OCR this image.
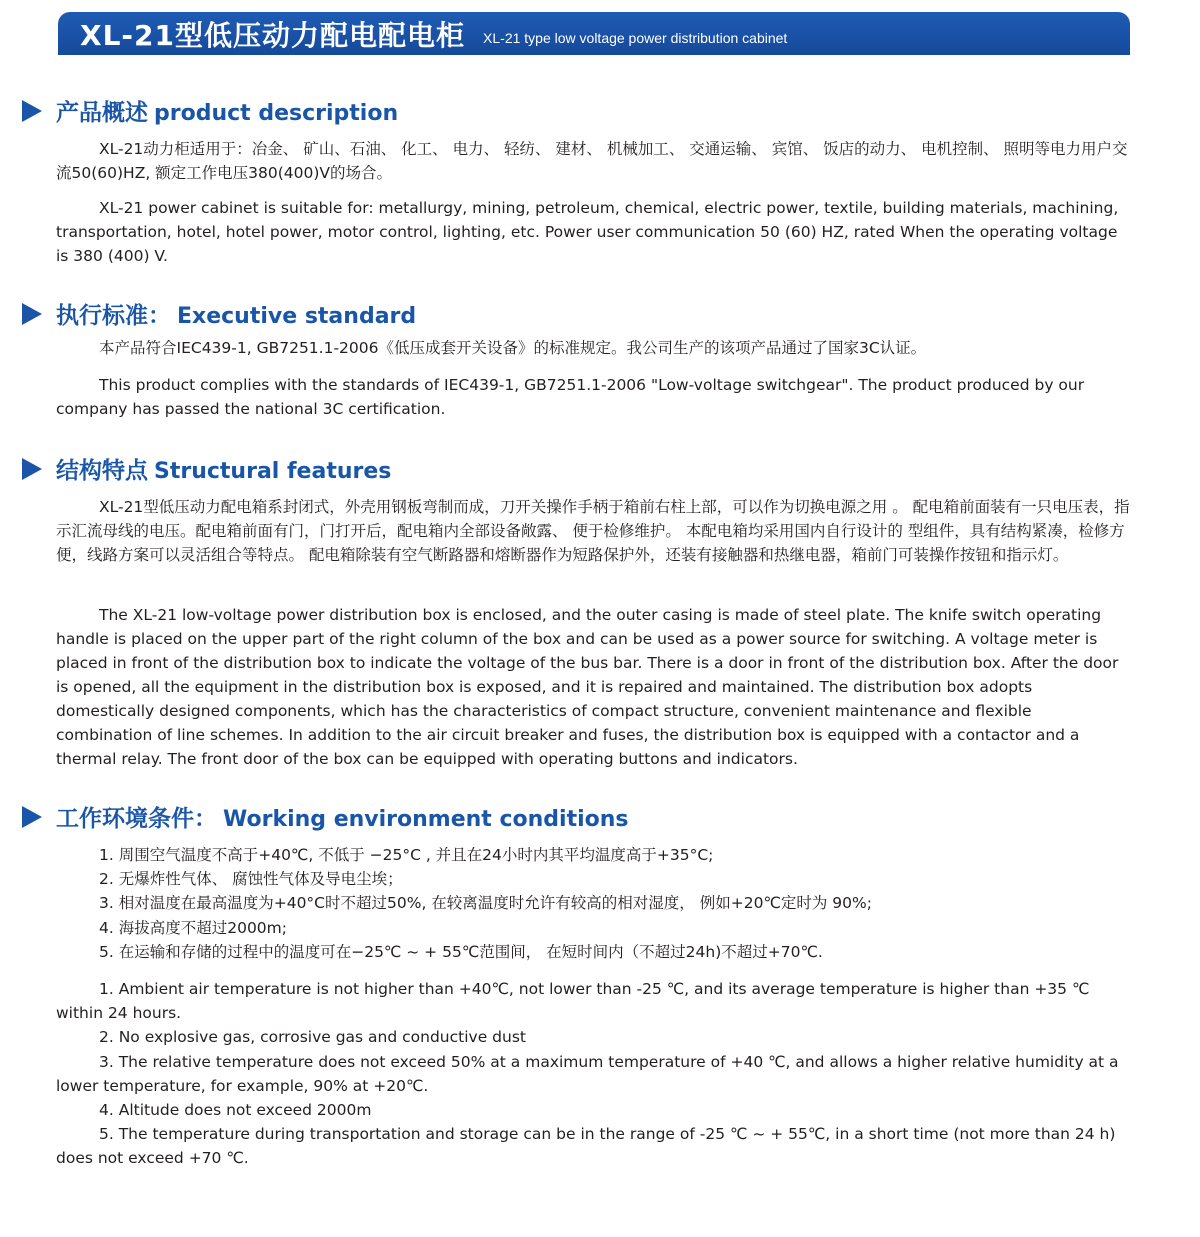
XL-21型低压动力配电配电柜 XL-21 type low voltage power distribution cabinet
产品概述 product description

XL-21动力柜适用于：冶金、 矿山、石油、 化工、 电力、 轻纺、 建材、 机械加工、 交通运输、 宾馆、 饭店的动力、 电机控制、 照明等电力用户交流50(60)HZ, 额定工作电压380(400)V的场合。

XL-21 power cabinet is suitable for: metallurgy, mining, petroleum, chemical, electric power, textile, building materials, machining, transportation, hotel, hotel power, motor control, lighting, etc. Power user communication 50 (60) HZ, rated When the operating voltage is 380 (400) V.

执行标准： Executive standard

本产品符合IEC439-1, GB7251.1-2006《低压成套开关设备》的标准规定。我公司生产的该项产品通过了国家3C认证。

This product complies with the standards of IEC439-1, GB7251.1-2006 "Low-voltage switchgear". The product produced by our company has passed the national 3C certification.

结构特点 Structural features

XL-21型低压动力配电箱系封闭式，外壳用钢板弯制而成，刀开关操作手柄于箱前右柱上部，可以作为切换电源之用 。 配电箱前面装有一只电压表，指示汇流母线的电压。配电箱前面有门，门打开后，配电箱内全部设备敞露、 便于检修维护。 本配电箱均采用国内自行设计的 型组件，具有结构紧凑，检修方便，线路方案可以灵活组合等特点。 配电箱除装有空气断路器和熔断器作为短路保护外，还装有接触器和热继电器，箱前门可装操作按钮和指示灯。

The XL-21 low-voltage power distribution box is enclosed, and the outer casing is made of steel plate. The knife switch operating handle is placed on the upper part of the right column of the box and can be used as a power source for switching. A voltage meter is placed in front of the distribution box to indicate the voltage of the bus bar. There is a door in front of the distribution box. After the door is opened, all the equipment in the distribution box is exposed, and it is repaired and maintained. The distribution box adopts domestically designed components, which has the characteristics of compact structure, convenient maintenance and flexible combination of line schemes. In addition to the air circuit breaker and fuses, the distribution box is equipped with a contactor and a thermal relay. The front door of the box can be equipped with operating buttons and indicators.

工作环境条件： Working environment conditions
1. 周围空气温度不高于+40℃, 不低于 −25°C , 并且在24小时内其平均温度高于+35°C;
2. 无爆炸性气体、 腐蚀性气体及导电尘埃；
3. 相对温度在最高温度为+40°C时不超过50%, 在较离温度时允许有较高的相对湿度， 例如+20℃定时为 90%;
4. 海拔高度不超过2000m;
5. 在运输和存储的过程中的温度可在−25℃ ~ + 55℃范围间， 在短时间内（不超过24h)不超过+70℃.
1. Ambient air temperature is not higher than +40℃, not lower than -25 ℃, and its average temperature is higher than +35 ℃ within 24 hours.
2. No explosive gas, corrosive gas and conductive dust
3. The relative temperature does not exceed 50% at a maximum temperature of +40 ℃, and allows a higher relative humidity at a lower temperature, for example, 90% at +20℃.
4. Altitude does not exceed 2000m
5. The temperature during transportation and storage can be in the range of -25 ℃ ~ + 55℃, in a short time (not more than 24 h) does not exceed +70 ℃.
